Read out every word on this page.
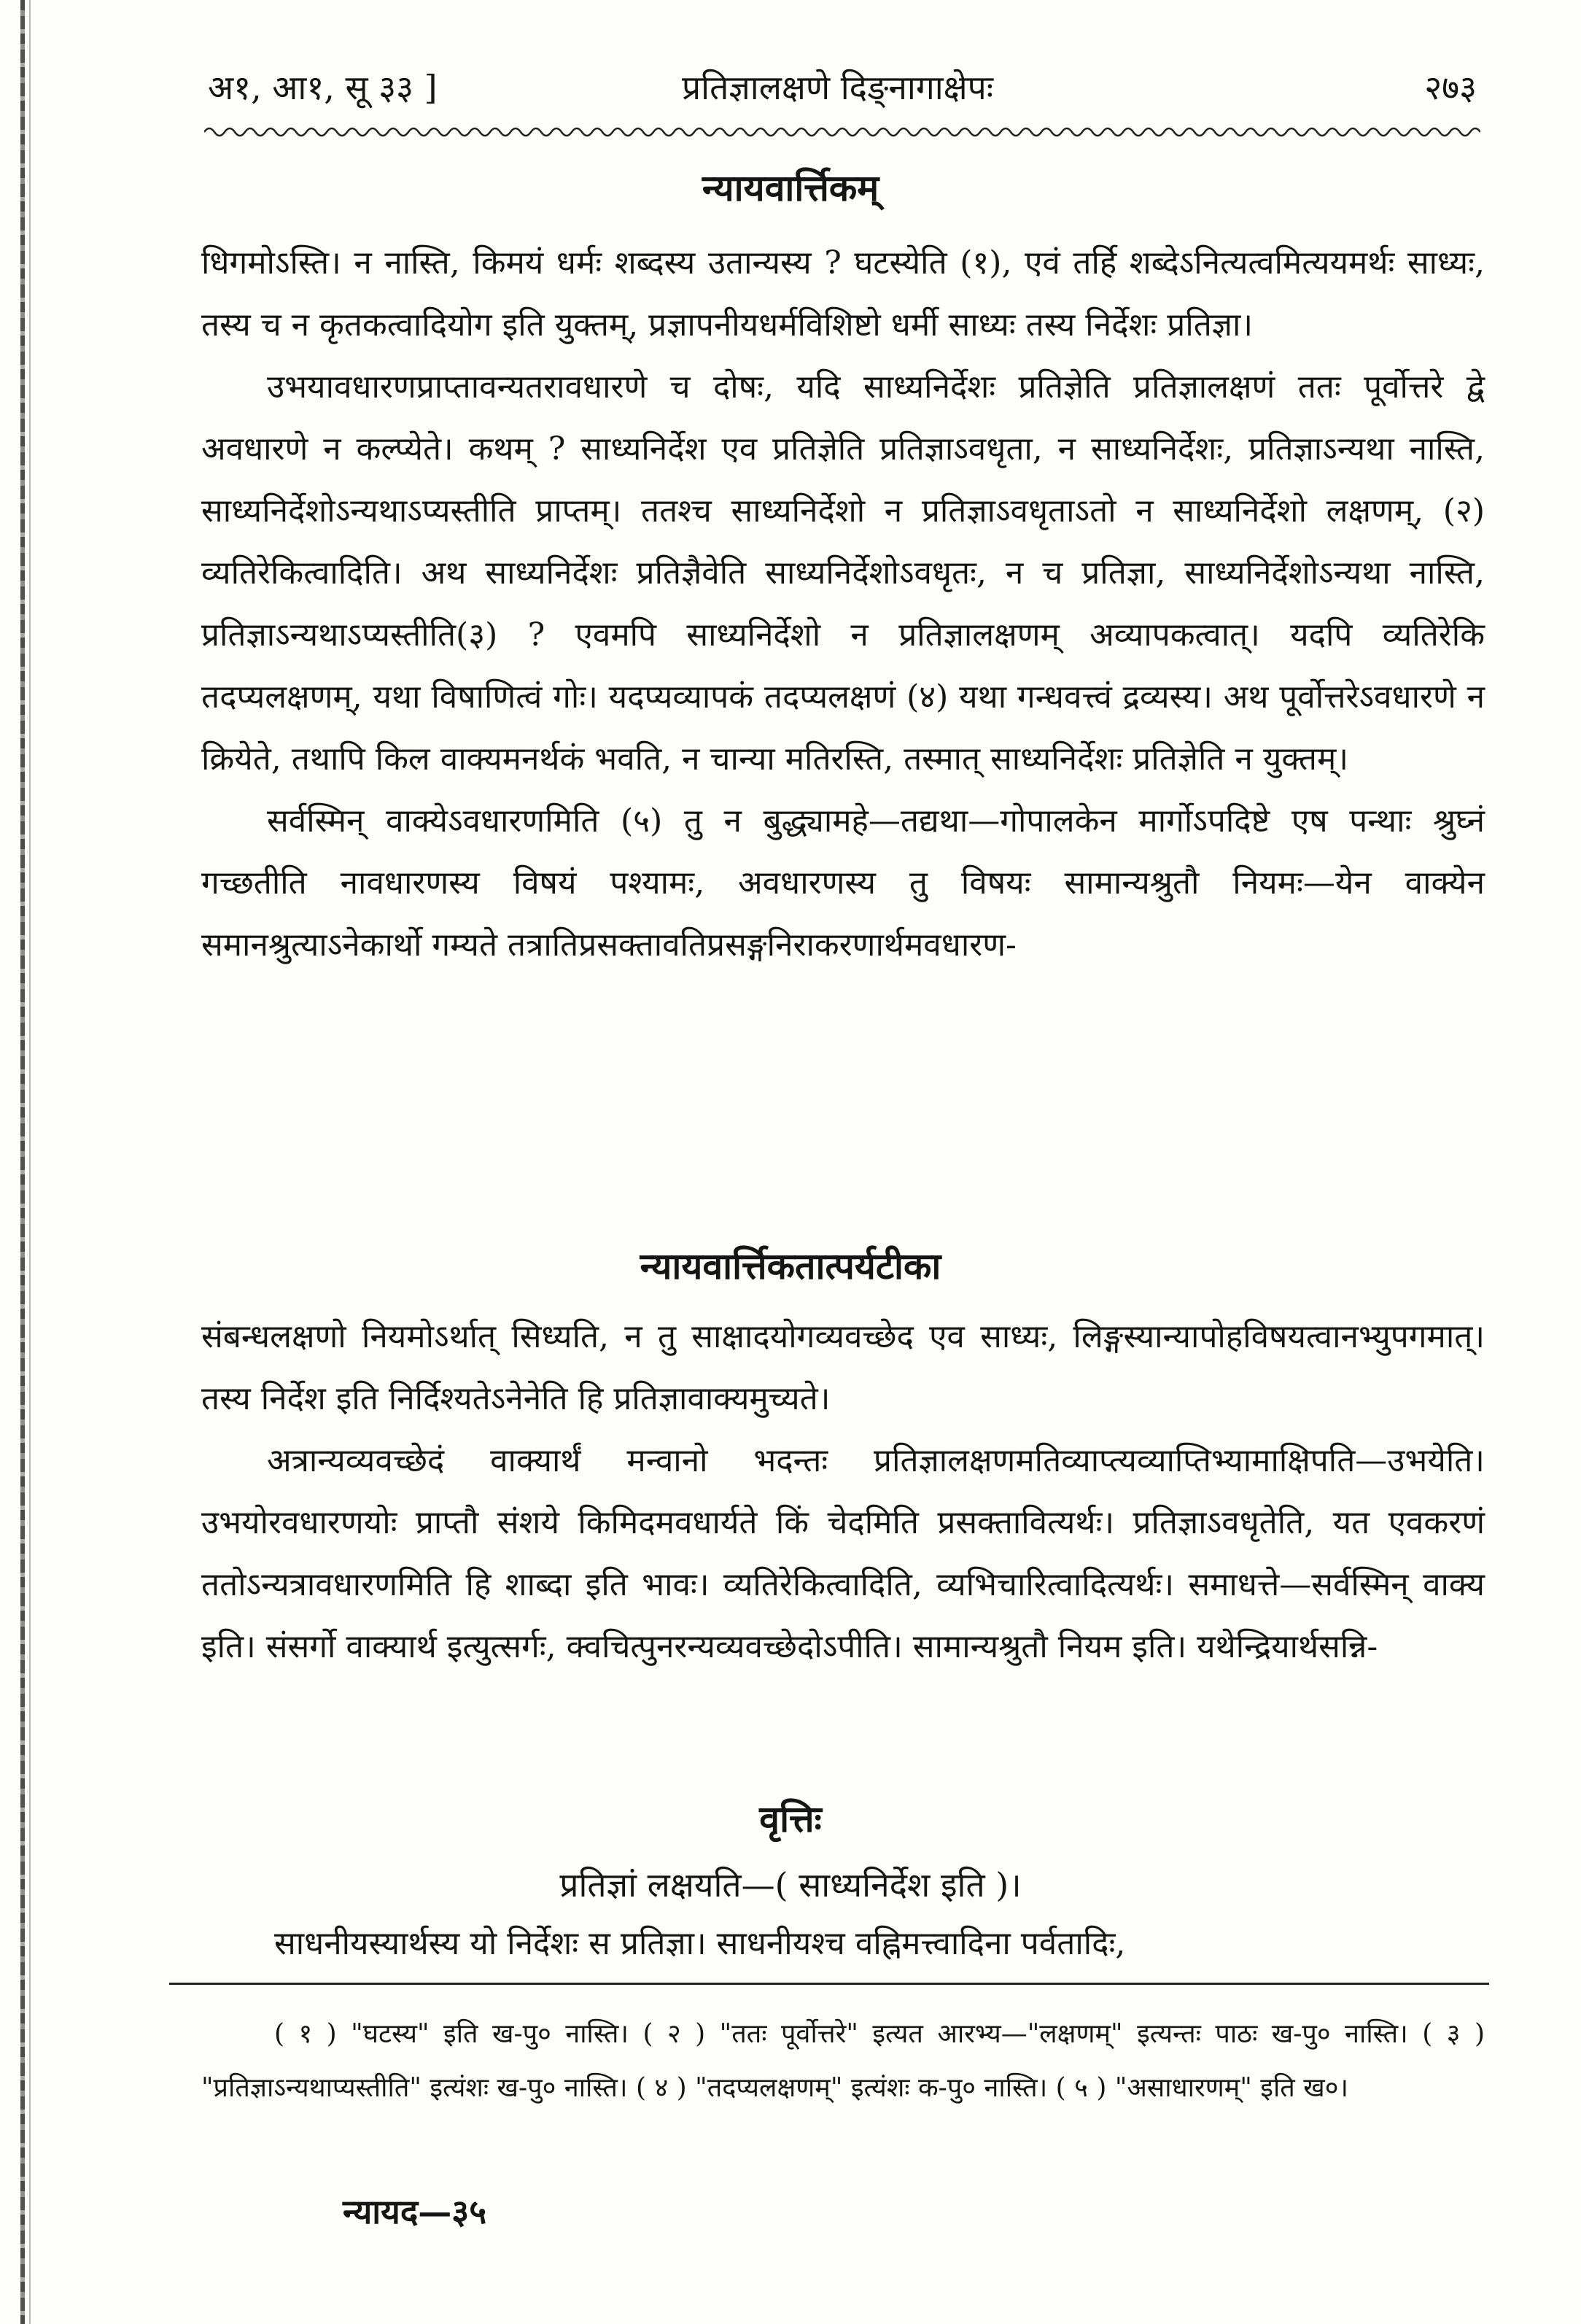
अ१, आ१, सू ३३ ]	प्रतिज्ञालक्षणे दिङ्नागाक्षेपः	२७३
न्यायवार्त्तिकम्

धिगमोऽस्ति। न नास्ति, किमयं धर्मः शब्दस्य उतान्यस्य ? घटस्येति (१), एवं तर्हि शब्देऽनित्यत्वमित्ययमर्थः साध्यः, तस्य च न कृतकत्वादियोग इति युक्तम्, प्रज्ञापनीयधर्मविशिष्टो धर्मी साध्यः तस्य निर्देशः प्रतिज्ञा।

उभयावधारणप्राप्तावन्यतरावधारणे च दोषः, यदि साध्यनिर्देशः प्रतिज्ञेति प्रतिज्ञालक्षणं ततः पूर्वोत्तरे द्वे अवधारणे न कल्प्येते। कथम् ? साध्यनिर्देश एव प्रतिज्ञेति प्रतिज्ञाऽवधृता, न साध्यनिर्देशः, प्रतिज्ञाऽन्यथा नास्ति, साध्यनिर्देशोऽन्यथाऽप्यस्तीति प्राप्तम्। ततश्च साध्यनिर्देशो न प्रतिज्ञाऽवधृताऽतो न साध्यनिर्देशो लक्षणम्, (२) व्यतिरेकित्वादिति। अथ साध्यनिर्देशः प्रतिज्ञैवेति साध्यनिर्देशोऽवधृतः, न च प्रतिज्ञा, साध्यनिर्देशोऽन्यथा नास्ति, प्रतिज्ञाऽन्यथाऽप्यस्तीति(३) ? एवमपि साध्यनिर्देशो न प्रतिज्ञालक्षणम् अव्यापकत्वात्। यदपि व्यतिरेकि तदप्यलक्षणम्, यथा विषाणित्वं गोः। यदप्यव्यापकं तदप्यलक्षणं (४) यथा गन्धवत्त्वं द्रव्यस्य। अथ पूर्वोत्तरेऽवधारणे न क्रियेते, तथापि किल वाक्यमनर्थकं भवति, न चान्या मतिरस्ति, तस्मात् साध्यनिर्देशः प्रतिज्ञेति न युक्तम्।

सर्वस्मिन् वाक्येऽवधारणमिति (५) तु न बुद्ध्यामहे—तद्यथा—गोपालकेन मार्गोऽपदिष्टे एष पन्थाः श्रुघ्नं गच्छतीति नावधारणस्य विषयं पश्यामः, अवधारणस्य तु विषयः सामान्यश्रुतौ नियमः—येन वाक्येन समानश्रुत्याऽनेकार्थो गम्यते तत्रातिप्रसक्तावतिप्रसङ्गनिराकरणार्थमवधारण-

न्यायवार्त्तिकतात्पर्यटीका

संबन्धलक्षणो नियमोऽर्थात् सिध्यति, न तु साक्षादयोगव्यवच्छेद एव साध्यः, लिङ्गस्यान्यापोहविषयत्वानभ्युपगमात्। तस्य निर्देश इति निर्दिश्यतेऽनेनेति हि प्रतिज्ञावाक्यमुच्यते।

अत्रान्यव्यवच्छेदं वाक्यार्थं मन्वानो भदन्तः प्रतिज्ञालक्षणमतिव्याप्त्यव्याप्तिभ्यामाक्षिपति—उभयेति। उभयोरवधारणयोः प्राप्तौ संशये किमिदमवधार्यते किं चेदमिति प्रसक्तावित्यर्थः। प्रतिज्ञाऽवधृतेति, यत एवकरणं ततोऽन्यत्रावधारणमिति हि शाब्दा इति भावः। व्यतिरेकित्वादिति, व्यभिचारित्वादित्यर्थः। समाधत्ते—सर्वस्मिन् वाक्य इति। संसर्गो वाक्यार्थ इत्युत्सर्गः, क्वचित्पुनरन्यव्यवच्छेदोऽपीति। सामान्यश्रुतौ नियम इति। यथेन्द्रियार्थसन्नि-

वृत्तिः
प्रतिज्ञां लक्षयति—( साध्यनिर्देश इति )।
साधनीयस्यार्थस्य यो निर्देशः स प्रतिज्ञा। साधनीयश्च वह्निमत्त्वादिना पर्वतादिः,

( १ ) "घटस्य" इति ख-पु० नास्ति। ( २ ) "ततः पूर्वोत्तरे" इत्यत आरभ्य—"लक्षणम्" इत्यन्तः पाठः ख-पु० नास्ति। ( ३ ) "प्रतिज्ञाऽन्यथाप्यस्तीति" इत्यंशः ख-पु० नास्ति। ( ४ ) "तदप्यलक्षणम्" इत्यंशः क-पु० नास्ति। ( ५ ) "असाधारणम्" इति ख०।

न्यायद—३५
